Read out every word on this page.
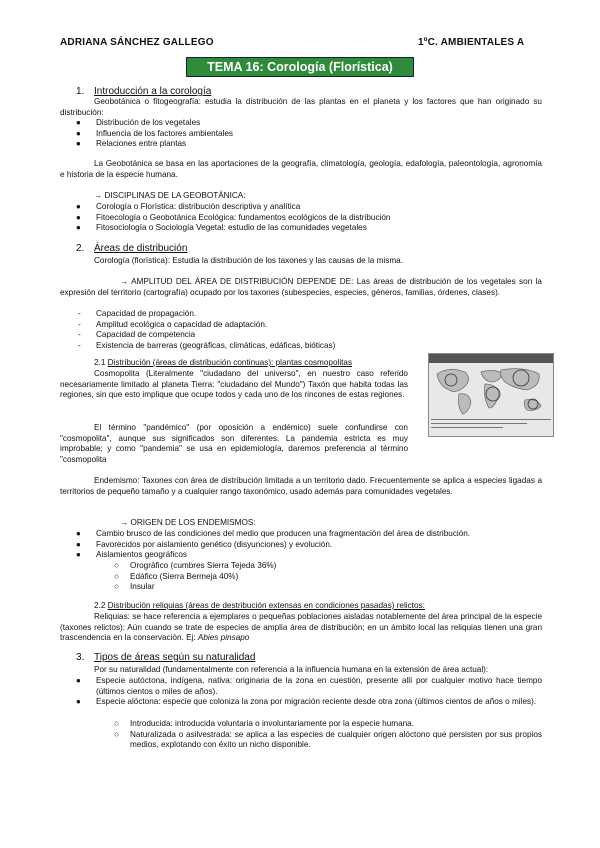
ADRIANA SÁNCHEZ GALLEGO	1ºC. AMBIENTALES A
TEMA 16: Corología (Florística)
1. Introducción a la corología
Geobotánica o fitogeografía: estudia la distribución de las plantas en el planeta y los factores que han originado su distribución:
●	Distribución de los vegetales
●	Influencia de los factores ambientales
●	Relaciones entre plantas
La Geobotánica se basa en las aportaciones de la geografía, climatología, geología, edafología, paleontología, agronomía e historia de la especie humana.
→ DISCIPLINAS DE LA GEOBOTÁNICA:
●	Corología o Florística: distribución descriptiva y analítica
●	Fitoecología o Geobotánica Ecológica: fundamentos ecológicos de la distribución
●	Fitosociología o Sociología Vegetal: estudio de las comunidades vegetales
2. Áreas de distribución
Corología (florística): Estudia la distribución de los taxones y las causas de la misma.
→ AMPLITUD DEL ÁREA DE DISTRIBUCIÓN DEPENDE DE: Las áreas de distribución de los vegetales son la expresión del territorio (cartografía) ocupado por los taxones (subespecies, especies, géneros, familias, órdenes, clases).
-	Capacidad de propagación.
-	Amplitud ecológica o capacidad de adaptación.
-	Capacidad de competencia
-	Existencia de barreras (geográficas, climáticas, edáficas, bióticas)
2.1 Distribución (áreas de distribución continuas): plantas cosmopolitas
Cosmopolita (Literalmente "ciudadano del universo", en nuestro caso referido necesariamente limitado al planeta Tierra: "ciudadano del Mundo") Taxón que habita todas las regiones, sin que esto implique que ocupe todos y cada uno de los rincones de estas regiones.
El término "pandémico" (por oposición a endémico) suele confundirse con "cosmopolita", aunque sus significados son diferentes. La pandemia estricta es muy improbable; y como "pandemia" se usa en epidemiología, daremos preferencia al término "cosmopolita
Endemismo: Taxones con área de distribución limitada a un territorio dado. Frecuentemente se aplica a especies ligadas a territorios de pequeño tamaño y a cualquier rango taxonómico, usado además para comunidades vegetales.
→ ORIGEN DE LOS ENDEMISMOS:
●	Cambio brusco de las condiciones del medio que producen una fragmentación del área de distribución.
●	Favorecidos por aislamiento genético (disyunciones) y evolución.
●	Aislamientos geográficos
○	Orográfico (cumbres Sierra Tejeda 36%)
○	Edáfico (Sierra Bermeja 40%)
○	Insular
2.2 Distribución reliquias (áreas de destribución extensas en condiciones pasadas) relictos:
Reliquias: se hace referencia a ejemplares o pequeñas poblaciones aisladas notablemente del área principal de la especie (taxones relictos): Aún cuando se trate de especies de amplia área de distribución; en un ámbito local las reliquias tienen una gran trascendencia en la conservación. Ej: Abies pinsapo
3. Tipos de áreas según su naturalidad
Por su naturalidad (fundamentalmente con referencia a la influencia humana en la extensión de área actual):
●	Especie autóctona, indígena, nativa: originaria de la zona en cuestión, presente allí por cualquier motivo hace tiempo (últimos cientos o miles de años).
●	Especie alóctona: especie que coloniza la zona por migración reciente desde otra zona (últimos cientos de años o miles).
○	Introducida: introducida voluntaria o involuntariamente por la especie humana.
○	Naturalizada o asilvestrada: se aplica a las especies de cualquier origen alóctono que persisten por sus propios medios, explotando con éxito un nicho disponible.
